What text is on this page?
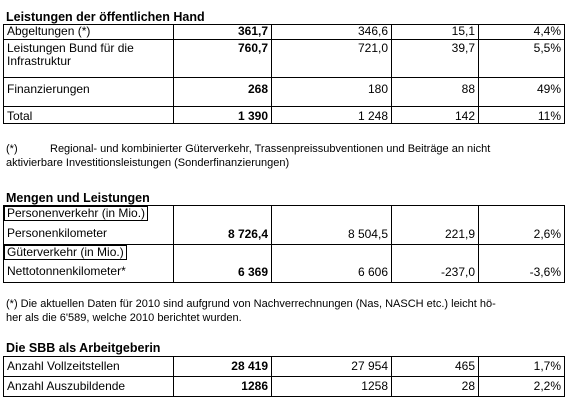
Leistungen der öffentlichen Hand
Abgeltungen (*)	361,7	346,6	15,1	4,4%
Leistungen Bund für die Infrastruktur	760,7	721,0	39,7	5,5%
Finanzierungen	268	180	88	49%
Total	1 390	1 248	142	11%
(*)	Regional- und kombinierter Güterverkehr, Trassenpreissubventionen und Beiträge an nicht
aktivierbare Investitionsleistungen (Sonderfinanzierungen)
Mengen und Leistungen
Personenverkehr (in Mio.)
Personenkilometer	8 726,4	8 504,5	221,9	2,6%
Güterverkehr (in Mio.)
Nettotonnenkilometer*	6 369	6 606	-237,0	-3,6%
(*) Die aktuellen Daten für 2010 sind aufgrund von Nachverrechnungen (Nas, NASCH etc.) leicht hö-
her als die 6'589, welche 2010 berichtet wurden.
Die SBB als Arbeitgeberin
Anzahl Vollzeitstellen	28 419	27 954	465	1,7%
Anzahl Auszubildende	1286	1258	28	2,2%
